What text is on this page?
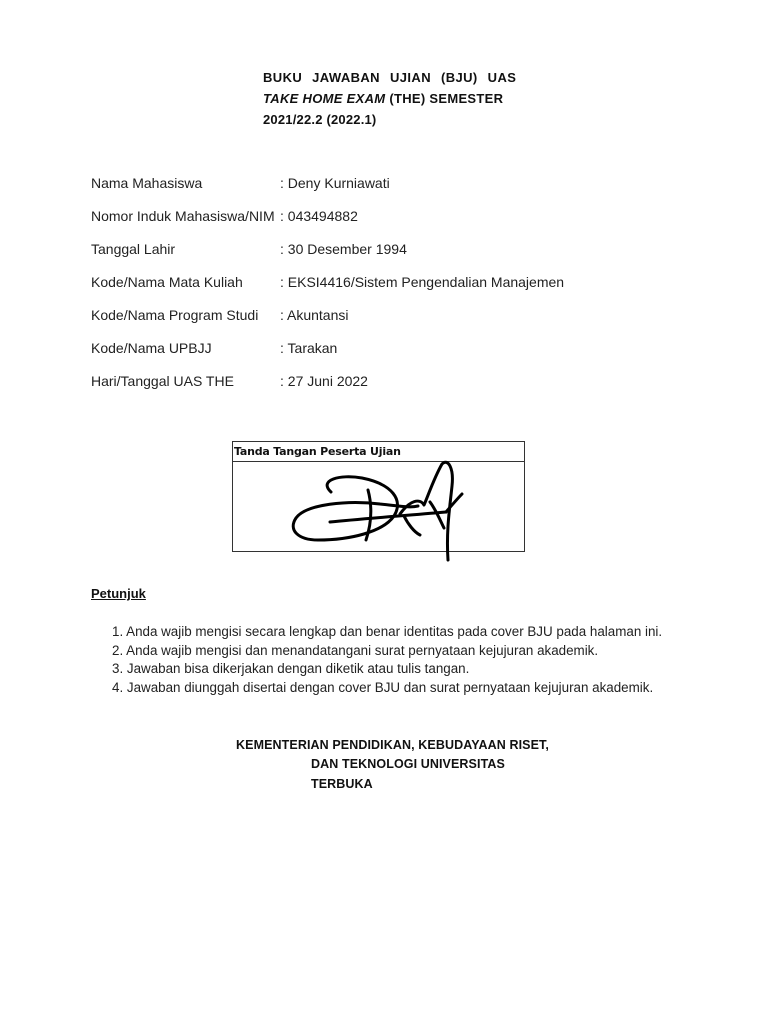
BUKU JAWABAN UJIAN (BJU) UAS
TAKE HOME EXAM (THE) SEMESTER
2021/22.2 (2022.1)
Nama Mahasiswa	: Deny Kurniawati
Nomor Induk Mahasiswa/NIM : 043494882
Tanggal Lahir	: 30 Desember 1994
Kode/Nama Mata Kuliah	: EKSI4416/Sistem Pengendalian Manajemen
Kode/Nama Program Studi : Akuntansi
Kode/Nama UPBJJ	: Tarakan
Hari/Tanggal UAS THE	: 27 Juni 2022
Tanda Tangan Peserta Ujian
Petunjuk
1. Anda wajib mengisi secara lengkap dan benar identitas pada cover BJU pada halaman ini.
2. Anda wajib mengisi dan menandatangani surat pernyataan kejujuran akademik.
3. Jawaban bisa dikerjakan dengan diketik atau tulis tangan.
4. Jawaban diunggah disertai dengan cover BJU dan surat pernyataan kejujuran akademik.
KEMENTERIAN PENDIDIKAN, KEBUDAYAAN RISET,
DAN TEKNOLOGI UNIVERSITAS
TERBUKA
